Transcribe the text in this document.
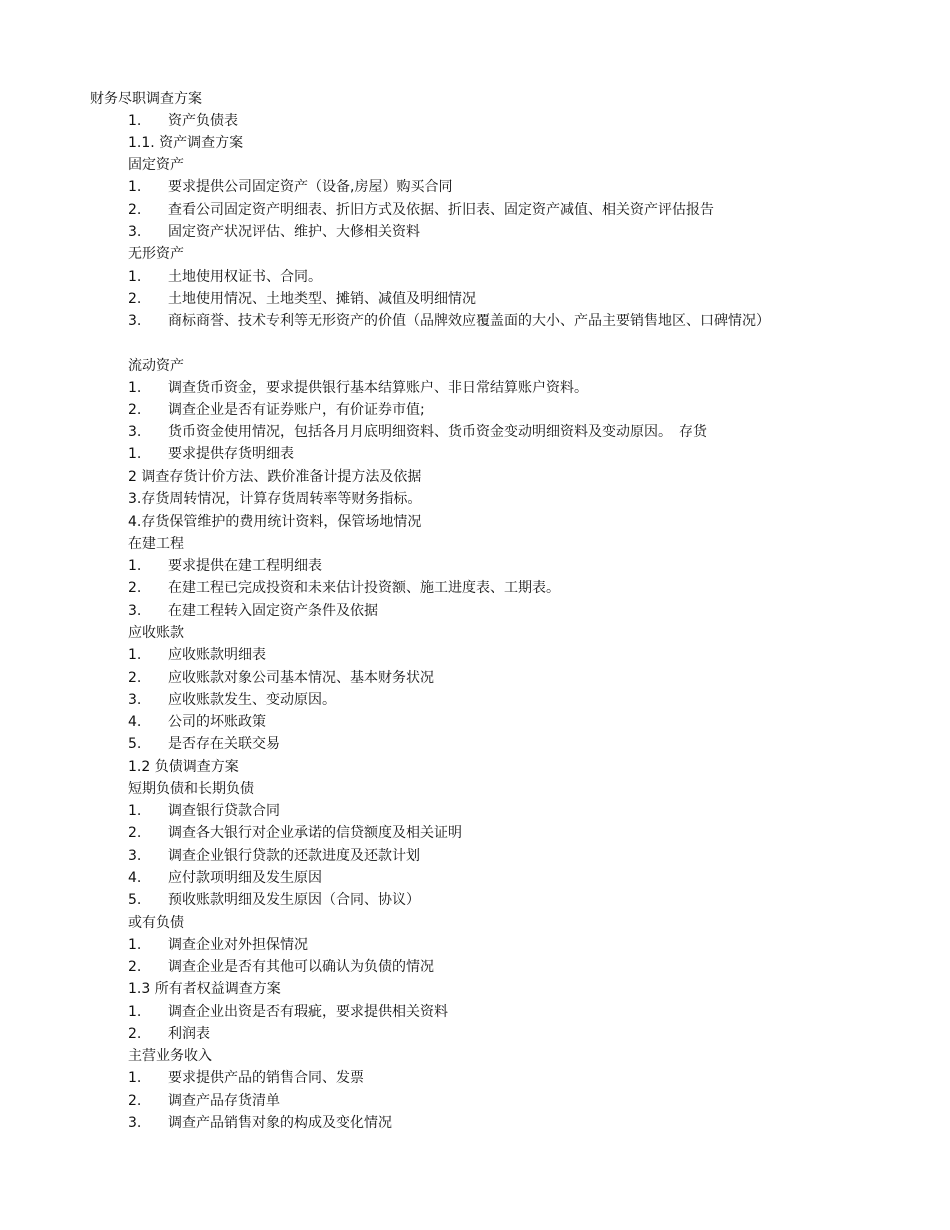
财务尽职调查方案
1. 资产负债表
1.1. 资产调查方案
固定资产
1. 要求提供公司固定资产（设备,房屋）购买合同
2. 查看公司固定资产明细表、折旧方式及依据、折旧表、固定资产减值、相关资产评估报告
3. 固定资产状况评估、维护、大修相关资料
无形资产
1. 土地使用权证书、合同。
2. 土地使用情况、土地类型、摊销、减值及明细情况
3. 商标商誉、技术专利等无形资产的价值（品牌效应覆盖面的大小、产品主要销售地区、口碑情况）
流动资产
1. 调查货币资金，要求提供银行基本结算账户、非日常结算账户资料。
2. 调查企业是否有证券账户，有价证券市值;
3. 货币资金使用情况，包括各月月底明细资料、货币资金变动明细资料及变动原因。　存货
1. 要求提供存货明细表
2 调查存货计价方法、跌价准备计提方法及依据
3.存货周转情况，计算存货周转率等财务指标。
4.存货保管维护的费用统计资料，保管场地情况
在建工程
1. 要求提供在建工程明细表
2. 在建工程已完成投资和未来估计投资额、施工进度表、工期表。
3. 在建工程转入固定资产条件及依据
应收账款
1. 应收账款明细表
2. 应收账款对象公司基本情况、基本财务状况
3. 应收账款发生、变动原因。
4. 公司的坏账政策
5. 是否存在关联交易
1.2 负债调查方案
短期负债和长期负债
1. 调查银行贷款合同
2. 调查各大银行对企业承诺的信贷额度及相关证明
3. 调查企业银行贷款的还款进度及还款计划
4. 应付款项明细及发生原因
5. 预收账款明细及发生原因（合同、协议）
或有负债
1. 调查企业对外担保情况
2. 调查企业是否有其他可以确认为负债的情况
1.3 所有者权益调查方案
1. 调查企业出资是否有瑕疵，要求提供相关资料
2. 利润表
主营业务收入
1. 要求提供产品的销售合同、发票
2. 调查产品存货清单
3. 调查产品销售对象的构成及变化情况
